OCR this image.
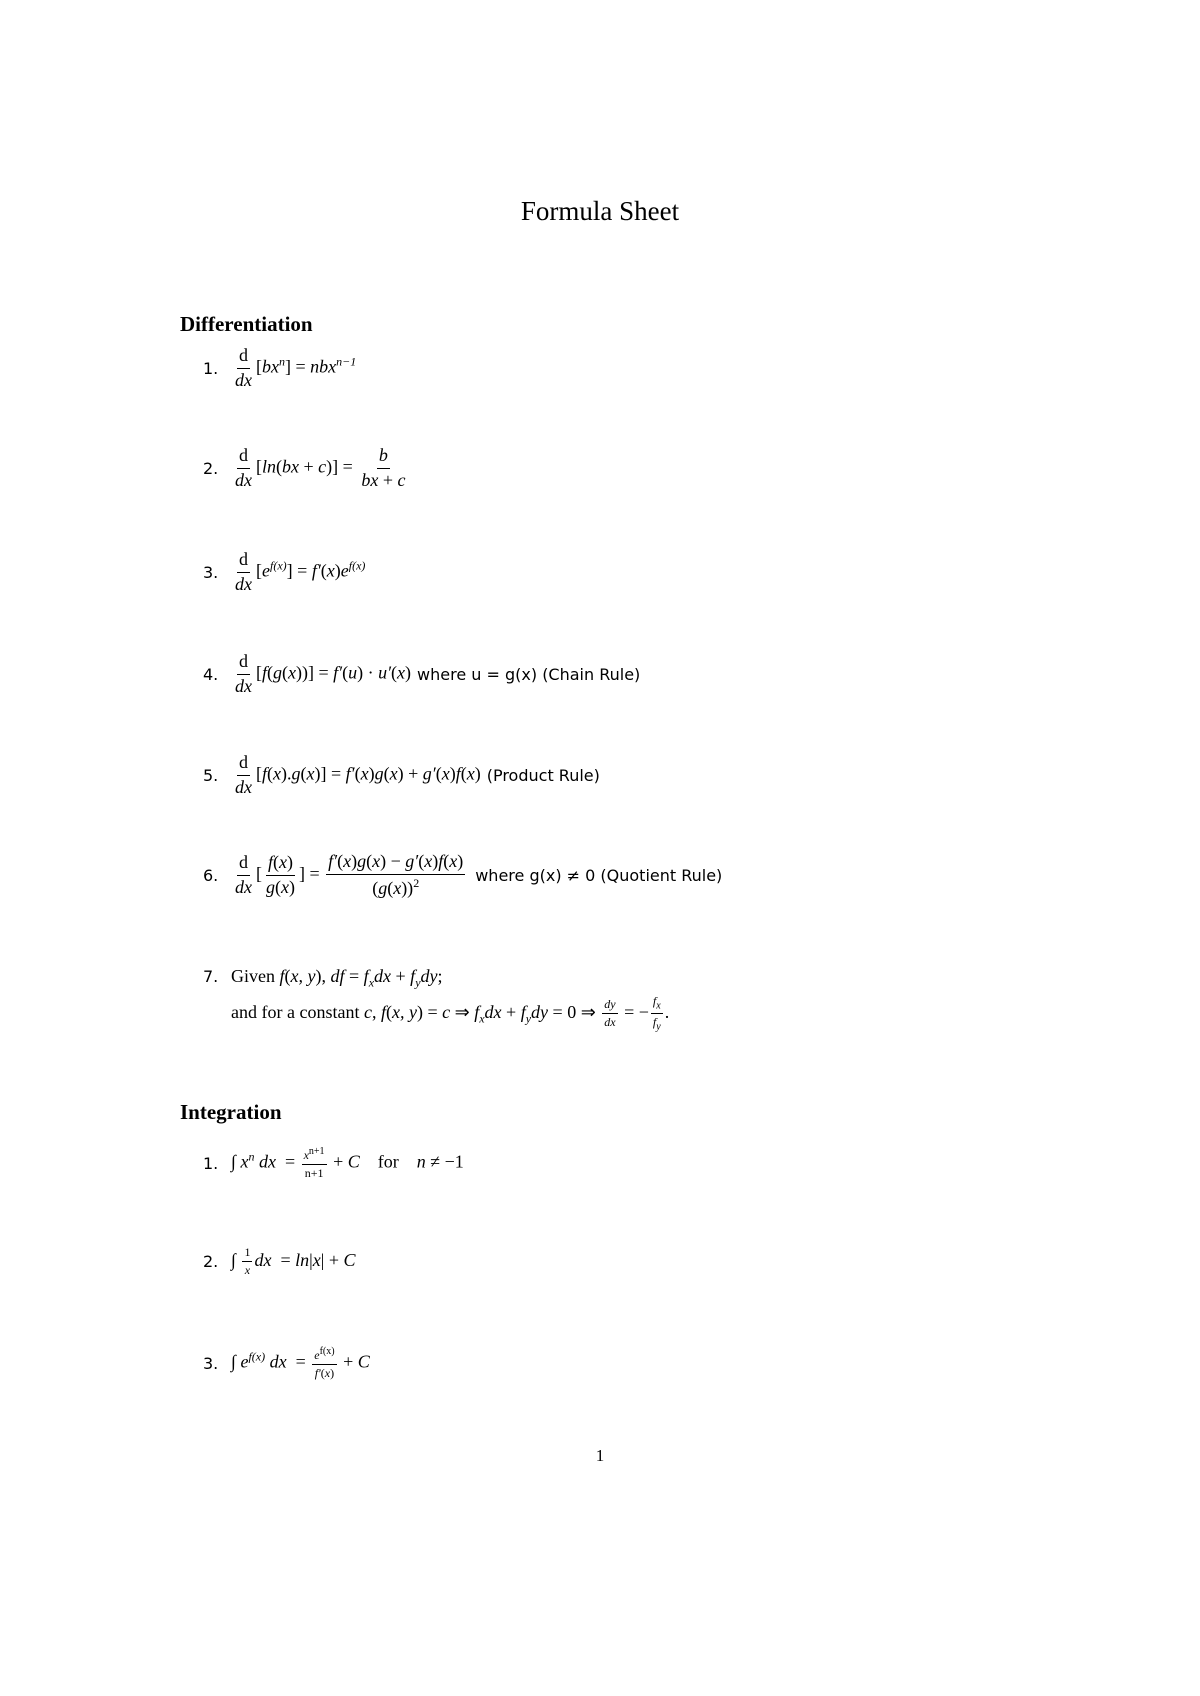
Formula Sheet
Differentiation
1. $\frac{d}{dx} [bx^n] = nbx^{n-1}$
2. $\frac{d}{dx} [\ln(bx + c)] = \frac{b}{bx + c}$
3. $\frac{d}{dx} [e^{f(x)}] = f'(x)e^{f(x)}$
4. $\frac{d}{dx} [f(g(x))] = f'(u) \cdot u'(x)$ where u = g(x) (Chain Rule)
5. $\frac{d}{dx} [f(x).g(x)] = f'(x)g(x) + g'(x)f(x)$ (Product Rule)
6. $\frac{d}{dx}$ [ $\frac{f(x)}{g(x)}$ ] = $\frac{f'(x)g(x) - g'(x)f(x)}{(g(x))^2}$ where g(x) ≠ 0 (Quotient Rule)
7. Given f(x, y), df = $f_xdx + f_ydy$;
and for a constant c, f(x, y) = c ⇒ $f_xdx + f_ydy = 0$ ⇒ $\frac{dy}{dx}$ = − $\frac{f_x}{f_y}$ .
Integration
1. ∫ $x^n$ dx  = $\frac{x^{n+1}}{n+1} + C$    for    n ≠ −1
2. ∫ $\frac{1}{x}$ dx  = ln|x| + C
3. ∫ $e^{f(x)}$ dx  = $\frac{e^{f(x)}}{f'(x)} + C$
1
